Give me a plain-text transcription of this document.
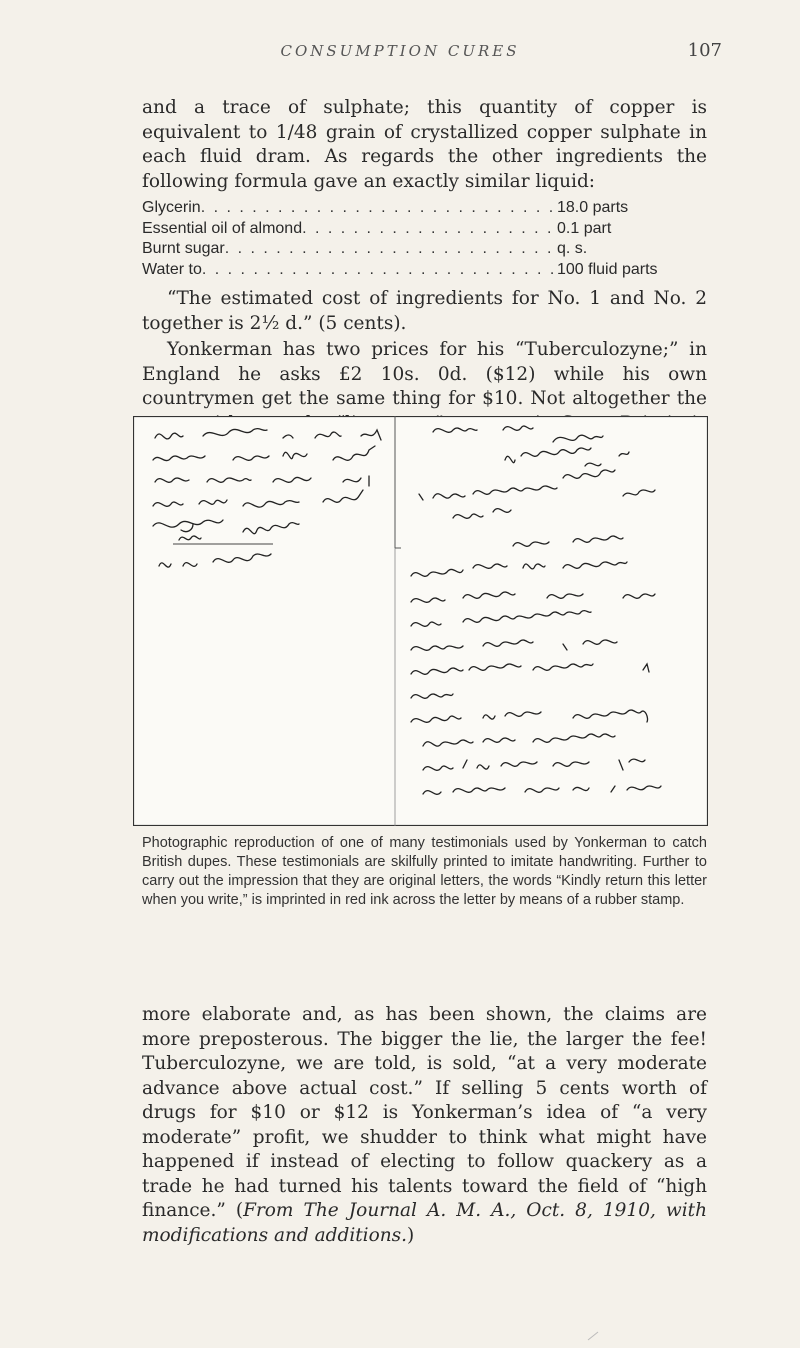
CONSUMPTION CURES	107

and a trace of sulphate; this quantity of copper is equivalent to 1/48 grain of crystallized copper sulphate in each fluid dram. As regards the other ingredients the following formula gave an exactly similar liquid:

Glycerin . . .	18.0 parts
Essential oil of almond . . .	0.1 part
Burnt sugar . . .	q. s.
Water to . . .	100 fluid parts

“The estimated cost of ingredients for No. 1 and No. 2 together is 2½ d.” (5 cents).

Yonkerman has two prices for his “Tuberculozyne;” in England he asks £2 10s. 0d. ($12) while his own countrymen get the same thing for $10. Not altogether the

Photographic reproduction of one of many testimonials used by Yonkerman to catch British dupes. These testimonials are skilfully printed to imitate handwriting. Further to carry out the impression that they are original letters, the words “Kindly return this letter when you write,” is imprinted in red ink across the letter by means of a rubber stamp.

more elaborate and, as has been shown, the claims are more preposterous. The bigger the lie, the larger the fee! Tuberculozyne, we are told, is sold, “at a very moderate advance above actual cost.” If selling 5 cents worth of drugs for $10 or $12 is Yonkerman’s idea of “a very moderate” profit, we shudder to think what might have happened if instead of electing to follow quackery as a trade he had turned his talents toward the field of “high finance.” (From The Journal A. M. A., Oct. 8, 1910, with modifications and additions.)
